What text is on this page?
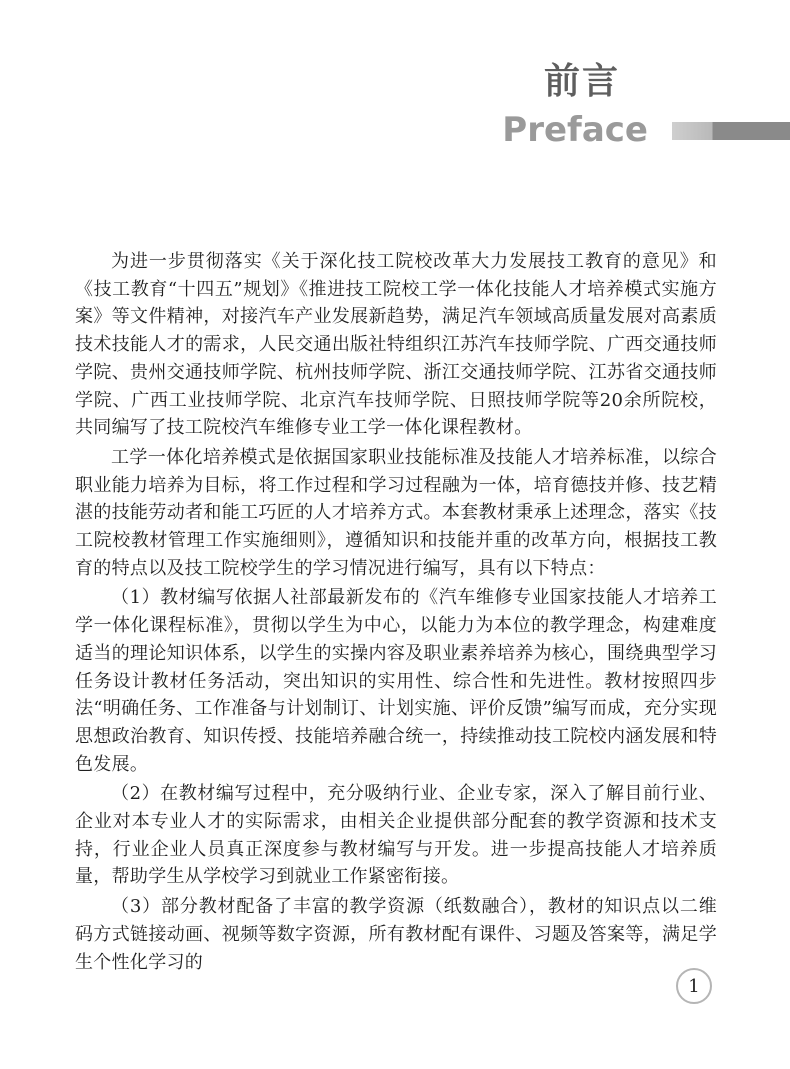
前言
Preface

为进一步贯彻落实《关于深化技工院校改革大力发展技工教育的意见》和《技工教育“十四五”规划》《推进技工院校工学一体化技能人才培养模式实施方案》等文件精神，对接汽车产业发展新趋势，满足汽车领域高质量发展对高素质技术技能人才的需求，人民交通出版社特组织江苏汽车技师学院、广西交通技师学院、贵州交通技师学院、杭州技师学院、浙江交通技师学院、江苏省交通技师学院、广西工业技师学院、北京汽车技师学院、日照技师学院等20余所院校，共同编写了技工院校汽车维修专业工学一体化课程教材。

工学一体化培养模式是依据国家职业技能标准及技能人才培养标准，以综合职业能力培养为目标，将工作过程和学习过程融为一体，培育德技并修、技艺精湛的技能劳动者和能工巧匠的人才培养方式。本套教材秉承上述理念，落实《技工院校教材管理工作实施细则》，遵循知识和技能并重的改革方向，根据技工教育的特点以及技工院校学生的学习情况进行编写，具有以下特点：

（1）教材编写依据人社部最新发布的《汽车维修专业国家技能人才培养工学一体化课程标准》，贯彻以学生为中心，以能力为本位的教学理念，构建难度适当的理论知识体系，以学生的实操内容及职业素养培养为核心，围绕典型学习任务设计教材任务活动，突出知识的实用性、综合性和先进性。教材按照四步法“明确任务、工作准备与计划制订、计划实施、评价反馈”编写而成，充分实现思想政治教育、知识传授、技能培养融合统一，持续推动技工院校内涵发展和特色发展。

（2）在教材编写过程中，充分吸纳行业、企业专家，深入了解目前行业、企业对本专业人才的实际需求，由相关企业提供部分配套的教学资源和技术支持，行业企业人员真正深度参与教材编写与开发。进一步提高技能人才培养质量，帮助学生从学校学习到就业工作紧密衔接。

（3）部分教材配备了丰富的教学资源（纸数融合），教材的知识点以二维码方式链接动画、视频等数字资源，所有教材配有课件、习题及答案等，满足学生个性化学习的

1
